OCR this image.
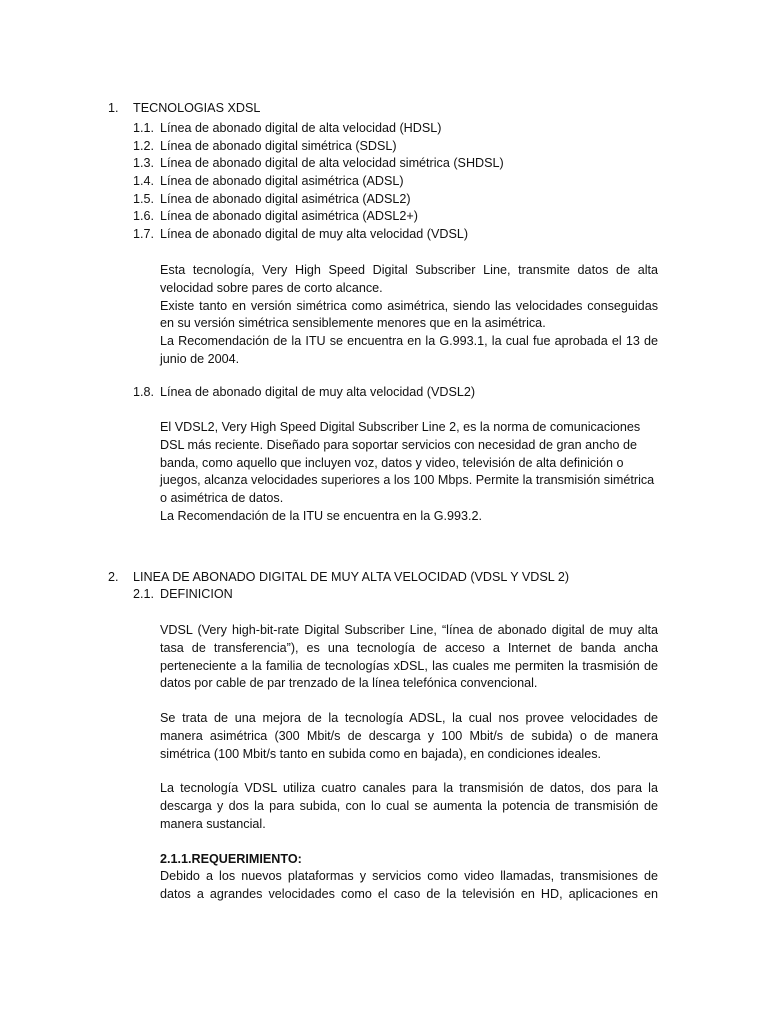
1. TECNOLOGIAS XDSL
1.1. Línea de abonado digital de alta velocidad (HDSL)
1.2. Línea de abonado digital simétrica (SDSL)
1.3. Línea de abonado digital de alta velocidad simétrica (SHDSL)
1.4. Línea de abonado digital asimétrica (ADSL)
1.5. Línea de abonado digital asimétrica (ADSL2)
1.6. Línea de abonado digital asimétrica (ADSL2+)
1.7. Línea de abonado digital de muy alta velocidad (VDSL)

Esta tecnología, Very High Speed Digital Subscriber Line, transmite datos de alta velocidad sobre pares de corto alcance.

Existe tanto en versión simétrica como asimétrica, siendo las velocidades conseguidas en su versión simétrica sensiblemente menores que en la asimétrica.

La Recomendación de la ITU se encuentra en la G.993.1, la cual fue aprobada el 13 de junio de 2004.

1.8. Línea de abonado digital de muy alta velocidad (VDSL2)

El VDSL2, Very High Speed Digital Subscriber Line 2, es la norma de comunicaciones DSL más reciente. Diseñado para soportar servicios con necesidad de gran ancho de banda, como aquello que incluyen voz, datos y video, televisión de alta definición o juegos, alcanza velocidades superiores a los 100 Mbps. Permite la transmisión simétrica o asimétrica de datos.

La Recomendación de la ITU se encuentra en la G.993.2.

2. LINEA DE ABONADO DIGITAL DE MUY ALTA VELOCIDAD (VDSL Y VDSL 2)
2.1. DEFINICION
VDSL (Very high-bit-rate Digital Subscriber Line, “línea de abonado digital de muy alta tasa de transferencia”), es una tecnología de acceso a Internet de banda ancha perteneciente a la familia de tecnologías xDSL, las cuales me permiten la trasmisión de datos por cable de par trenzado de la línea telefónica convencional.
Se trata de una mejora de la tecnología ADSL, la cual nos provee velocidades de manera asimétrica (300 Mbit/s de descarga y 100 Mbit/s de subida) o de manera simétrica (100 Mbit/s tanto en subida como en bajada), en condiciones ideales.
La tecnología VDSL utiliza cuatro canales para la transmisión de datos, dos para la descarga y dos la para subida, con lo cual se aumenta la potencia de transmisión de manera sustancial.
2.1.1.REQUERIMIENTO:
Debido a los nuevos plataformas y servicios como video llamadas, transmisiones de datos a agrandes velocidades como el caso de la televisión en HD, aplicaciones en
